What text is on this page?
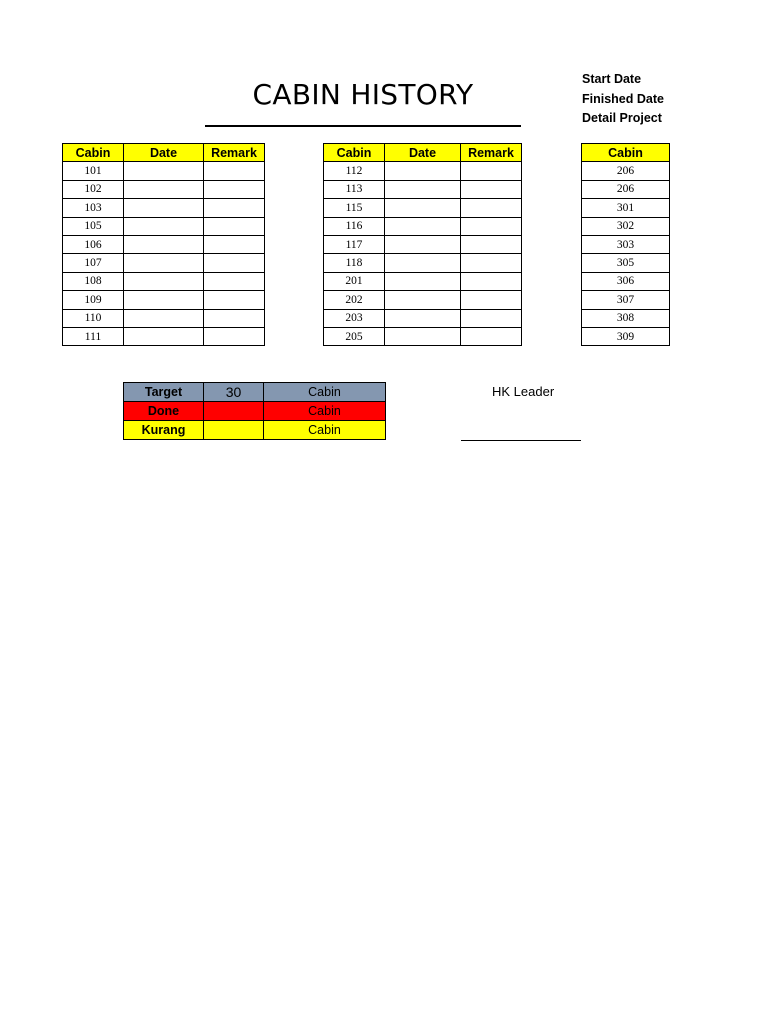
CABIN HISTORY	Start Date
Finished Date
Detail Project
Cabin	Date	Remark
101		
102		
103		
105		
106		
107		
108		
109		
110		
111		
Cabin	Date	Remark
112		
113		
115		
116		
117		
118		
201		
202		
203		
205		
Cabin
206
206
301
302
303
305
306
307
308
309
Target	30	Cabin
Done		Cabin
Kurang		Cabin
HK Leader
